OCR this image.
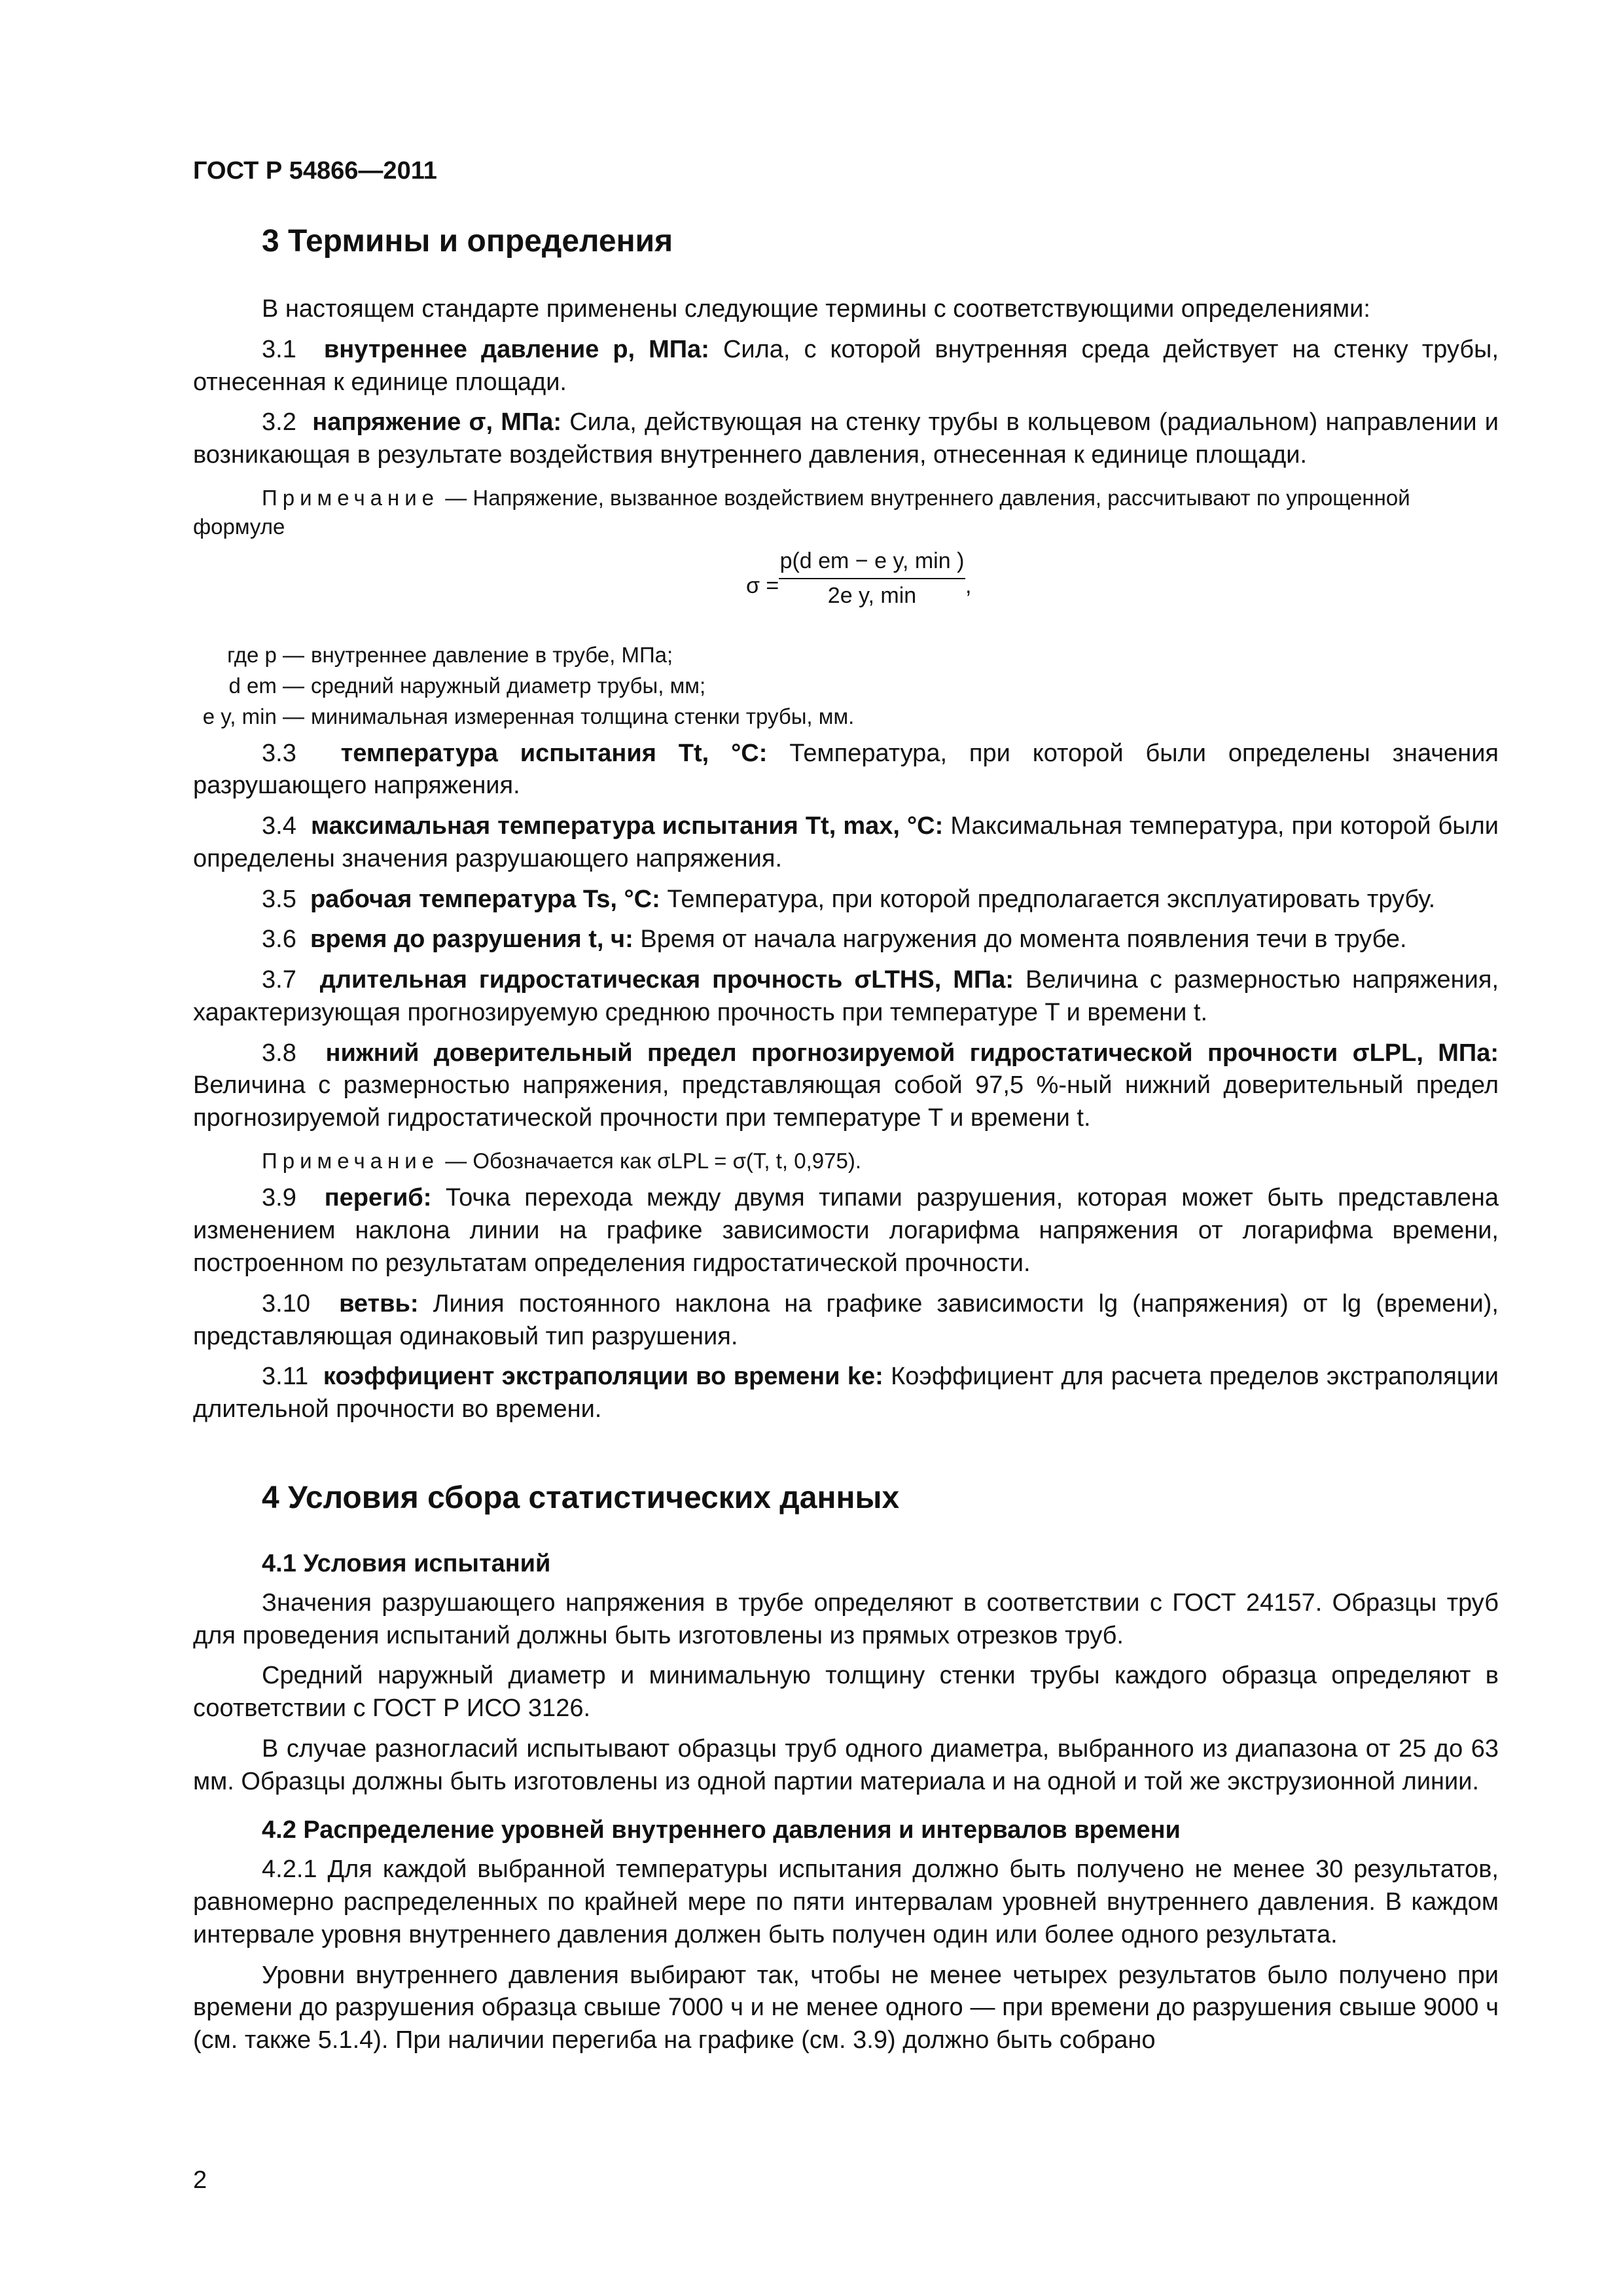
ГОСТ Р 54866—2011
3 Термины и определения

В настоящем стандарте применены следующие термины с соответствующими определениями:

3.1 внутреннее давление p, МПа: Сила, с которой внутренняя среда действует на стенку трубы, отнесенная к единице площади.

3.2 напряжение σ, МПа: Сила, действующая на стенку трубы в кольцевом (радиальном) направлении и возникающая в результате воздействия внутреннего давления, отнесенная к единице площади.

Примечание — Напряжение, вызванное воздействием внутреннего давления, рассчитывают по упрощенной формуле
σ =
p(d em − e y, min )
2e y, min	,
где p — внутреннее давление в трубе, МПа;
d em — средний наружный диаметр трубы, мм;
e y, min — минимальная измеренная толщина стенки трубы, мм.

3.3 температура испытания Tt, °C: Температура, при которой были определены значения разрушающего напряжения.

3.4 максимальная температура испытания Tt, max, °C: Максимальная температура, при которой были определены значения разрушающего напряжения.

3.5 рабочая температура Ts, °C: Температура, при которой предполагается эксплуатировать трубу.

3.6 время до разрушения t, ч: Время от начала нагружения до момента появления течи в трубе.

3.7 длительная гидростатическая прочность σLTHS, МПа: Величина с размерностью напряжения, характеризующая прогнозируемую среднюю прочность при температуре T и времени t.

3.8 нижний доверительный предел прогнозируемой гидростатической прочности σLPL, МПа: Величина с размерностью напряжения, представляющая собой 97,5 %-ный нижний доверительный предел прогнозируемой гидростатической прочности при температуре T и времени t.

Примечание — Обозначается как σLPL = σ(T, t, 0,975).

3.9 перегиб: Точка перехода между двумя типами разрушения, которая может быть представлена изменением наклона линии на графике зависимости логарифма напряжения от логарифма времени, построенном по результатам определения гидростатической прочности.

3.10 ветвь: Линия постоянного наклона на графике зависимости lg (напряжения) от lg (времени), представляющая одинаковый тип разрушения.

3.11 коэффициент экстраполяции во времени ke: Коэффициент для расчета пределов экстраполяции длительной прочности во времени.

4 Условия сбора статистических данных
4.1 Условия испытаний

Значения разрушающего напряжения в трубе определяют в соответствии с ГОСТ 24157. Образцы труб для проведения испытаний должны быть изготовлены из прямых отрезков труб.

Средний наружный диаметр и минимальную толщину стенки трубы каждого образца определяют в соответствии с ГОСТ Р ИСО 3126.

В случае разногласий испытывают образцы труб одного диаметра, выбранного из диапазона от 25 до 63 мм. Образцы должны быть изготовлены из одной партии материала и на одной и той же экструзионной линии.

4.2 Распределение уровней внутреннего давления и интервалов времени

4.2.1 Для каждой выбранной температуры испытания должно быть получено не менее 30 результатов, равномерно распределенных по крайней мере по пяти интервалам уровней внутреннего давления. В каждом интервале уровня внутреннего давления должен быть получен один или более одного результата.

Уровни внутреннего давления выбирают так, чтобы не менее четырех результатов было получено при времени до разрушения образца свыше 7000 ч и не менее одного — при времени до разрушения свыше 9000 ч (см. также 5.1.4). При наличии перегиба на графике (см. 3.9) должно быть собрано

2
